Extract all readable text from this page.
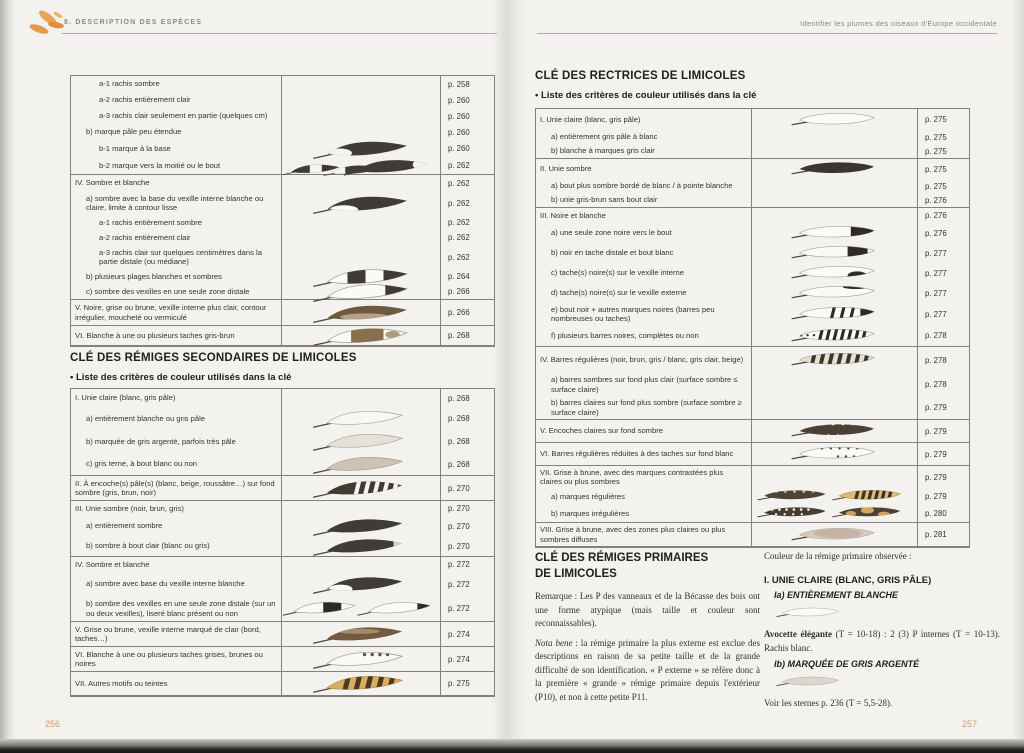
8. DESCRIPTION DES ESPÈCES
a-1 rachis sombre	p. 258
a-2 rachis entièrement clair	p. 260
a-3 rachis clair seulement en partie (quelques cm)	p. 260
b) marque pâle peu étendue	p. 260
b-1 marque à la base	p. 260
b-2 marque vers la moitié ou le bout	p. 262
IV. Sombre et blanche	p. 262
a) sombre avec la base du vexille interne blanche ou claire, limite à contour lisse	p. 262
a-1 rachis entièrement sombre	p. 262
a-2 rachis entièrement clair	p. 262
a-3 rachis clair sur quelques centimètres dans la partie distale (ou médiane)	p. 262
b) plusieurs plages blanches et sombres	p. 264
c) sombre des vexilles en une seule zone distale	p. 266
V. Noire, grise ou brune, vexille interne plus clair, contour irrégulier, moucheté ou vermiculé	p. 266
VI. Blanche à une ou plusieurs taches gris-brun	p. 268
CLÉ DES RÉMIGES SECONDAIRES DE LIMICOLES
• Liste des critères de couleur utilisés dans la clé
I. Unie claire (blanc, gris pâle)	p. 268
a) entièrement blanche ou gris pâle	p. 268
b) marquée de gris argenté, parfois très pâle	p. 268
c) gris terne, à bout blanc ou non	p. 268
II. À encoche(s) pâle(s) (blanc, beige, roussâtre…) sur fond sombre (gris, brun, noir)	p. 270
III. Unie sombre (noir, brun, gris)	p. 270
a) entièrement sombre	p. 270
b) sombre à bout clair (blanc ou gris)	p. 270
IV. Sombre et blanche	p. 272
a) sombre avec base du vexille interne blanche	p. 272
b) sombre des vexilles en une seule zone distale (sur un ou deux vexilles), liseré blanc présent ou non	p. 272
V. Grise ou brune, vexille interne marqué de clair (bord, taches…)	p. 274
VI. Blanche à une ou plusieurs taches grises, brunes ou noires	p. 274
VII. Autres motifs ou teintes	p. 275
256
Identifier les plumes des oiseaux d'Europe occidentale
CLÉ DES RECTRICES DE LIMICOLES
• Liste des critères de couleur utilisés dans la clé
I. Unie claire (blanc, gris pâle)	p. 275
a) entièrement gris pâle à blanc	p. 275
b) blanche à marques gris clair	p. 275
II. Unie sombre	p. 275
a) bout plus sombre bordé de blanc / à pointe blanche	p. 275
b) unie gris-brun sans bout clair	p. 276
III. Noire et blanche	p. 276
a) une seule zone noire vers le bout	p. 276
b) noir en tache distale et bout blanc	p. 277
c) tache(s) noire(s) sur le vexille interne	p. 277
d) tache(s) noire(s) sur le vexille externe	p. 277
e) bout noir + autres marques noires (barres peu nombreuses ou taches)	p. 277
f) plusieurs barres noires, complètes ou non	p. 278
IV. Barres régulières (noir, brun, gris / blanc, gris clair, beige)	p. 278
a) barres sombres sur fond plus clair (surface sombre ≤ surface claire)	p. 278
b) barres claires sur fond plus sombre (surface sombre ≥ surface claire)	p. 279
V. Encoches claires sur fond sombre	p. 279
VI. Barres régulières réduites à des taches sur fond blanc	p. 279
VII. Grise à brune, avec des marques contrastées plus claires ou plus sombres	p. 279
a) marques régulières	p. 279
b) marques irrégulières	p. 280
VIII. Grise à brune, avec des zones plus claires ou plus sombres diffuses	p. 281
CLÉ DES RÉMIGES PRIMAIRES
DE LIMICOLES

Remarque : Les P des vanneaux et de la Bécasse des bois ont une forme atypique (mais taille et couleur sont reconnaissables).

Nota bene : la rémige primaire la plus externe est exclue des descriptions en raison de sa petite taille et de la grande difficulté de son identification. « P externe » se réfère donc à la première « grande » rémige primaire depuis l'extérieur (P10), et non à cette petite P11.

Couleur de la rémige primaire observée :
I. UNIE CLAIRE (BLANC, GRIS PÂLE)
Ia) ENTIÈREMENT BLANCHE

Avocette élégante (T = 10-18) : 2 (3) P internes (T = 10-13). Rachis blanc.

Ib) MARQUÉE DE GRIS ARGENTÉ

Voir les sternes p. 236 (T = 5,5-28).

257
